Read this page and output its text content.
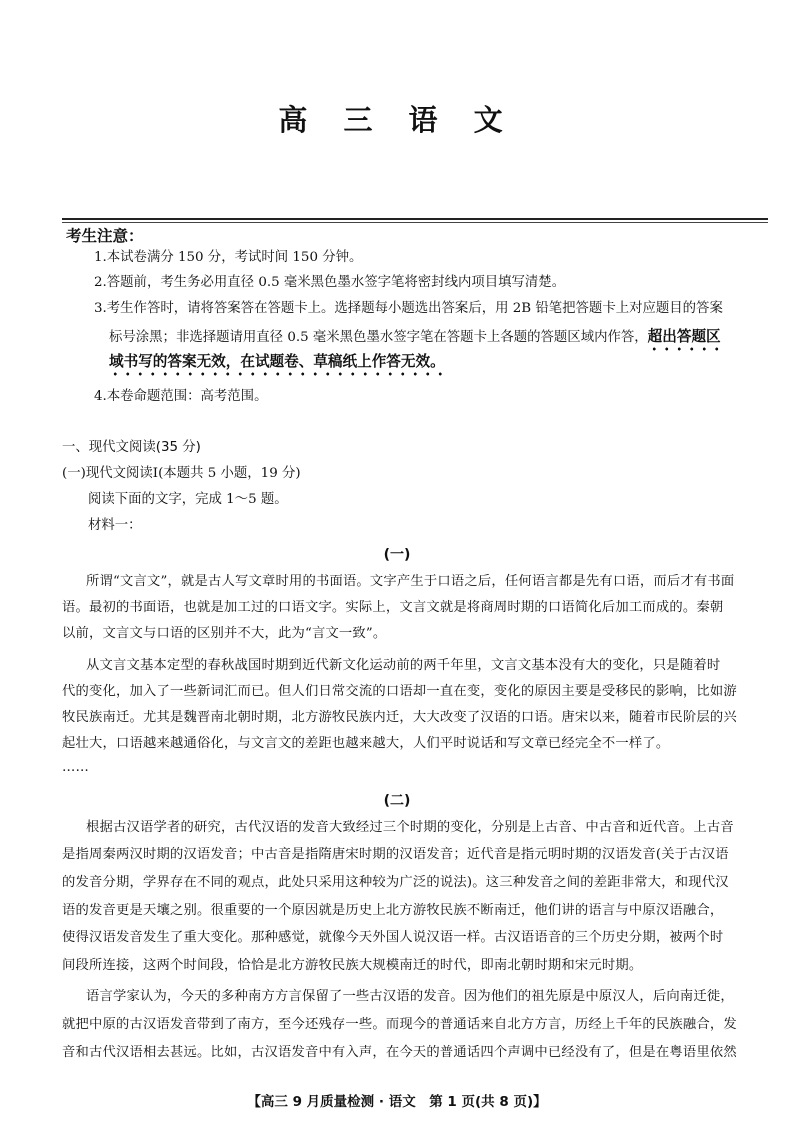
高 三 语 文
考生注意：
1.本试卷满分 150 分，考试时间 150 分钟。
2.答题前，考生务必用直径 0.5 毫米黑色墨水签字笔将密封线内项目填写清楚。
3.考生作答时，请将答案答在答题卡上。选择题每小题选出答案后，用 2B 铅笔把答题卡上对应题目的答案
标号涂黑；非选择题请用直径 0.5 毫米黑色墨水签字笔在答题卡上各题的答题区域内作答，超出答题区
域书写的答案无效，在试题卷、草稿纸上作答无效。
4.本卷命题范围：高考范围。
一、现代文阅读(35 分)
(一)现代文阅读Ⅰ(本题共 5 小题，19 分)
阅读下面的文字，完成 1～5 题。
材料一：
(一)
所谓“文言文”，就是古人写文章时用的书面语。文字产生于口语之后，任何语言都是先有口语，而后才有书面
语。最初的书面语，也就是加工过的口语文字。实际上，文言文就是将商周时期的口语简化后加工而成的。秦朝
以前，文言文与口语的区别并不大，此为“言文一致”。
从文言文基本定型的春秋战国时期到近代新文化运动前的两千年里，文言文基本没有大的变化，只是随着时
代的变化，加入了一些新词汇而已。但人们日常交流的口语却一直在变，变化的原因主要是受移民的影响，比如游
牧民族南迁。尤其是魏晋南北朝时期，北方游牧民族内迁，大大改变了汉语的口语。唐宋以来，随着市民阶层的兴
起壮大，口语越来越通俗化，与文言文的差距也越来越大，人们平时说话和写文章已经完全不一样了。
……
(二)
根据古汉语学者的研究，古代汉语的发音大致经过三个时期的变化，分别是上古音、中古音和近代音。上古音
是指周秦两汉时期的汉语发音；中古音是指隋唐宋时期的汉语发音；近代音是指元明时期的汉语发音(关于古汉语
的发音分期，学界存在不同的观点，此处只采用这种较为广泛的说法)。这三种发音之间的差距非常大，和现代汉
语的发音更是天壤之别。很重要的一个原因就是历史上北方游牧民族不断南迁，他们讲的语言与中原汉语融合，
使得汉语发音发生了重大变化。那种感觉，就像今天外国人说汉语一样。古汉语语音的三个历史分期，被两个时
间段所连接，这两个时间段，恰恰是北方游牧民族大规模南迁的时代，即南北朝时期和宋元时期。
语言学家认为，今天的多种南方方言保留了一些古汉语的发音。因为他们的祖先原是中原汉人，后向南迁徙，
就把中原的古汉语发音带到了南方，至今还残存一些。而现今的普通话来自北方方言，历经上千年的民族融合，发
音和古代汉语相去甚远。比如，古汉语发音中有入声，在今天的普通话四个声调中已经没有了，但是在粤语里依然
【高三 9 月质量检测 · 语文　第 1 页(共 8 页)】
